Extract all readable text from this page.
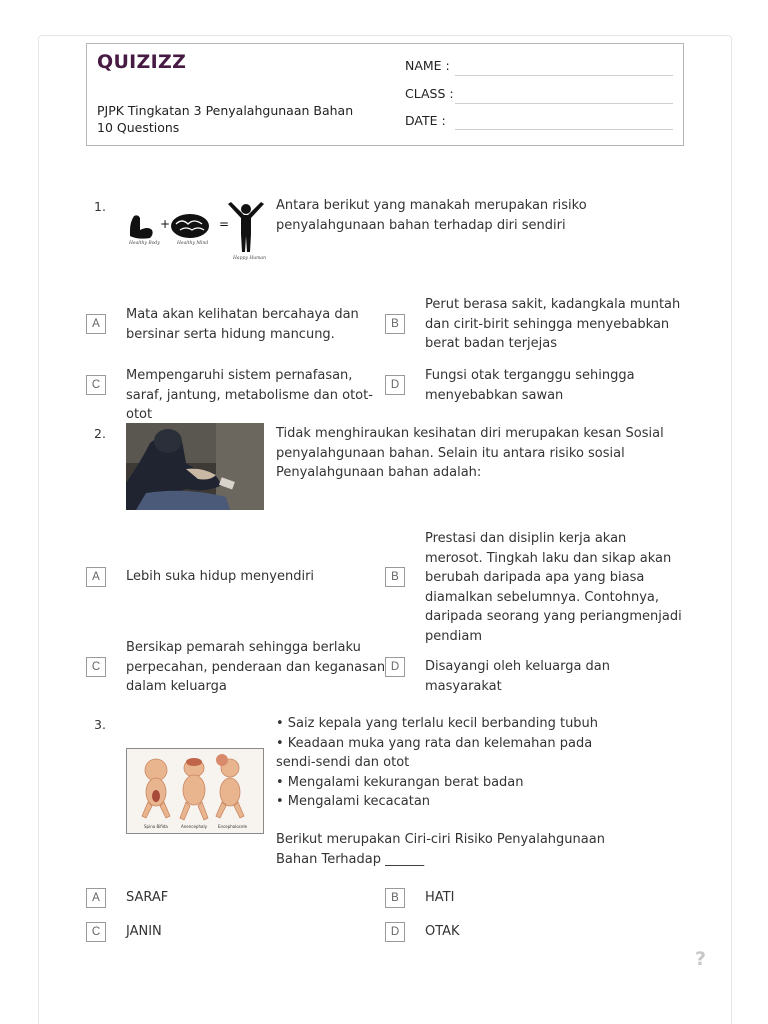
QUIZIZZ
PJPK Tingkatan 3 Penyalahgunaan Bahan
10 Questions
NAME :
CLASS :
DATE :
1.
+	=
Healthy Body	Healthy Mind
Happy Human
Antara berikut yang manakah merupakan risiko penyalahgunaan bahan terhadap diri sendiri
A
Mata akan kelihatan bercahaya dan bersinar serta hidung mancung.
B
Perut berasa sakit, kadangkala muntah dan cirit-birit sehingga menyebabkan berat badan terjejas
C
Mempengaruhi sistem pernafasan, saraf, jantung, metabolisme dan otot-otot
D
Fungsi otak terganggu sehingga menyebabkan sawan
2.	Tidak menghiraukan kesihatan diri merupakan kesan Sosial penyalahgunaan bahan. Selain itu antara risiko sosial Penyalahgunaan bahan adalah:
A	Lebih suka hidup menyendiri	B
Prestasi dan disiplin kerja akan merosot. Tingkah laku dan sikap akan berubah daripada apa yang biasa diamalkan sebelumnya. Contohnya, daripada seorang yang periangmenjadi pendiam
C
Bersikap pemarah sehingga berlaku perpecahan, penderaan dan keganasan dalam keluarga
D	Disayangi oleh keluarga dan masyarakat
3.
Spina Bifida	Anencephaly	Encephalocele
• Saiz kepala yang terlalu kecil berbanding tubuh
• Keadaan muka yang rata dan kelemahan pada sendi-sendi dan otot
• Mengalami kekurangan berat badan
• Mengalami kecacatan
Berikut merupakan Ciri-ciri Risiko Penyalahgunaan Bahan Terhadap ______
A	SARAF	B	HATI
C	JANIN	D	OTAK
?
